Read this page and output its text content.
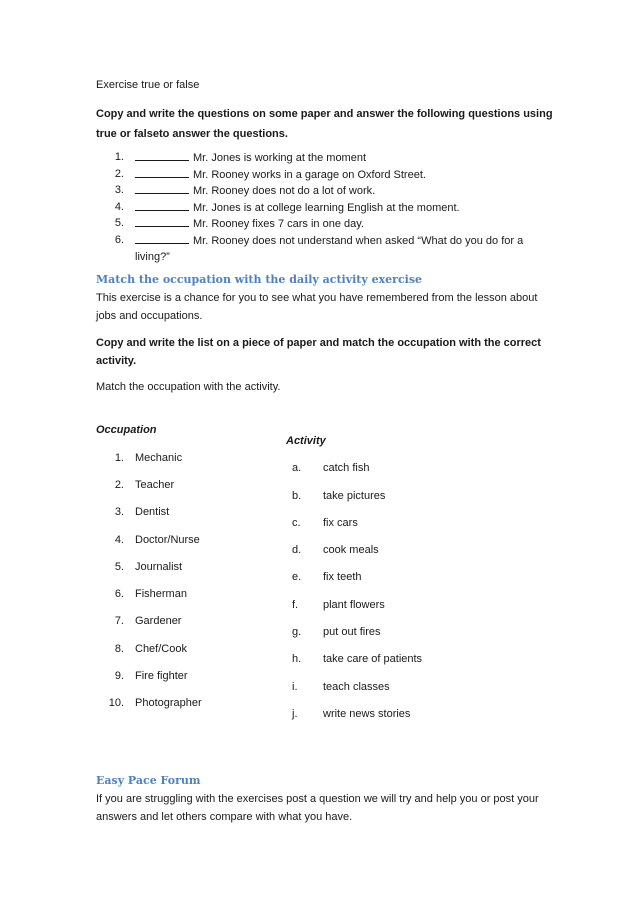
Exercise true or false
Copy and write the questions on some paper and answer the following questions using
true or falseto answer the questions.
1.	Mr. Jones is working at the moment
2.	Mr. Rooney works in a garage on Oxford Street.
3.	Mr. Rooney does not do a lot of work.
4.	Mr. Jones is at college learning English at the moment.
5.	Mr. Rooney fixes 7 cars in one day.
6.	Mr. Rooney does not understand when asked “What do you do for a
living?”
Match the occupation with the daily activity exercise
This exercise is a chance for you to see what you have remembered from the lesson about
jobs and occupations.
Copy and write the list on a piece of paper and match the occupation with the correct
activity.
Match the occupation with the activity.
Occupation
Activity
1. Mechanic
2. Teacher
3. Dentist
4. Doctor/Nurse
5. Journalist
6. Fisherman
7. Gardener
8. Chef/Cook
9. Fire fighter
10. Photographer
a. catch fish
b. take pictures
c. fix cars
d. cook meals
e. fix teeth
f. plant flowers
g. put out fires
h. take care of patients
i. teach classes
j. write news stories
Easy Pace Forum
If you are struggling with the exercises post a question we will try and help you or post your
answers and let others compare with what you have.
